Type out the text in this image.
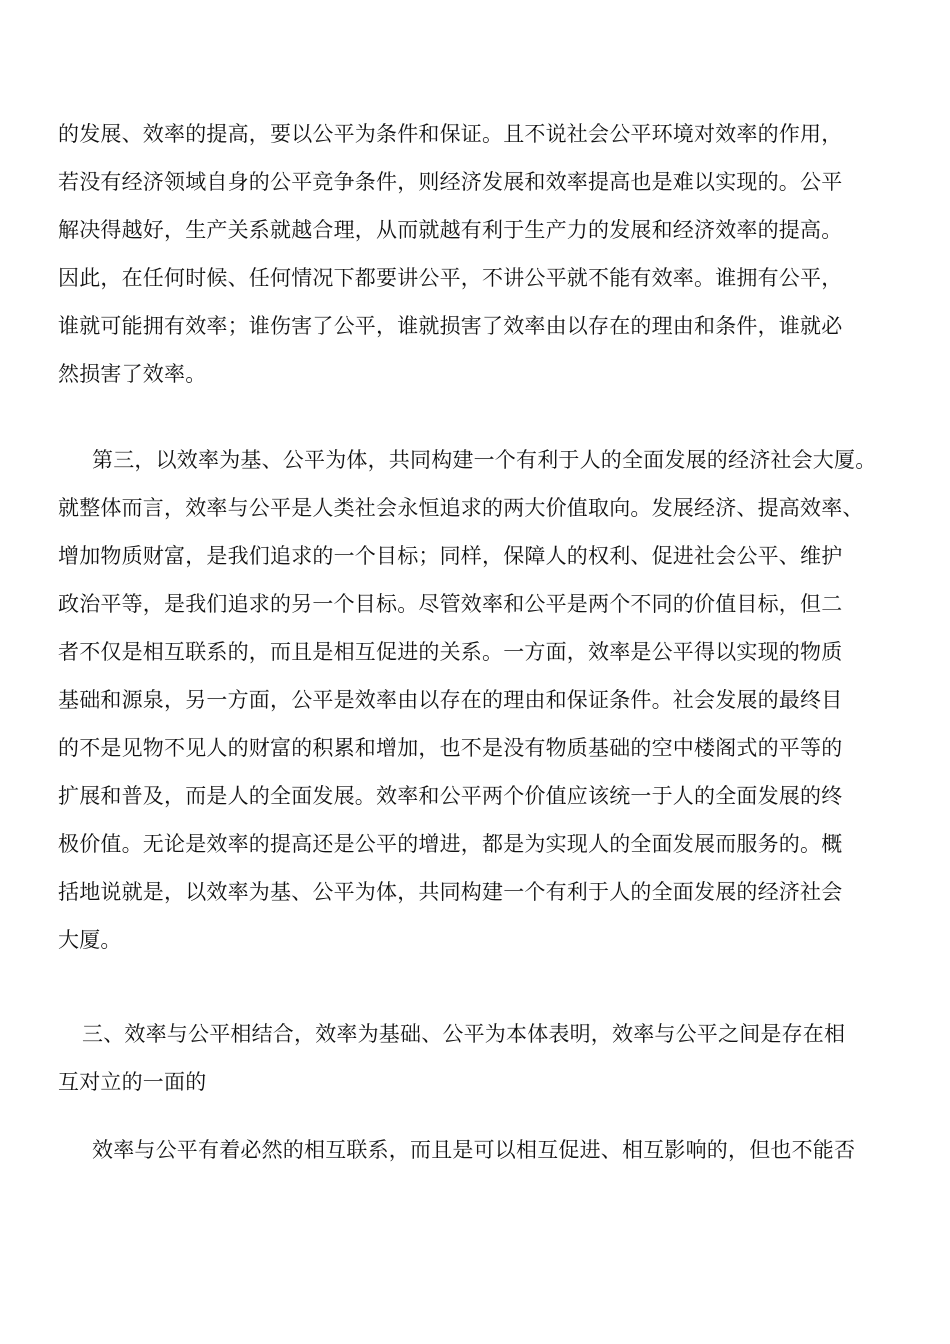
的发展、效率的提高，要以公平为条件和保证。且不说社会公平环境对效率的作用，
若没有经济领域自身的公平竞争条件，则经济发展和效率提高也是难以实现的。公平
解决得越好，生产关系就越合理，从而就越有利于生产力的发展和经济效率的提高。
因此，在任何时候、任何情况下都要讲公平，不讲公平就不能有效率。谁拥有公平，
谁就可能拥有效率；谁伤害了公平，谁就损害了效率由以存在的理由和条件，谁就必
然损害了效率。
第三，以效率为基、公平为体，共同构建一个有利于人的全面发展的经济社会大厦。
就整体而言，效率与公平是人类社会永恒追求的两大价值取向。发展经济、提高效率、
增加物质财富，是我们追求的一个目标；同样，保障人的权利、促进社会公平、维护
政治平等，是我们追求的另一个目标。尽管效率和公平是两个不同的价值目标，但二
者不仅是相互联系的，而且是相互促进的关系。一方面，效率是公平得以实现的物质
基础和源泉，另一方面，公平是效率由以存在的理由和保证条件。社会发展的最终目
的不是见物不见人的财富的积累和增加，也不是没有物质基础的空中楼阁式的平等的
扩展和普及，而是人的全面发展。效率和公平两个价值应该统一于人的全面发展的终
极价值。无论是效率的提高还是公平的增进，都是为实现人的全面发展而服务的。概
括地说就是，以效率为基、公平为体，共同构建一个有利于人的全面发展的经济社会
大厦。
三、效率与公平相结合，效率为基础、公平为本体表明，效率与公平之间是存在相
互对立的一面的
效率与公平有着必然的相互联系，而且是可以相互促进、相互影响的，但也不能否
